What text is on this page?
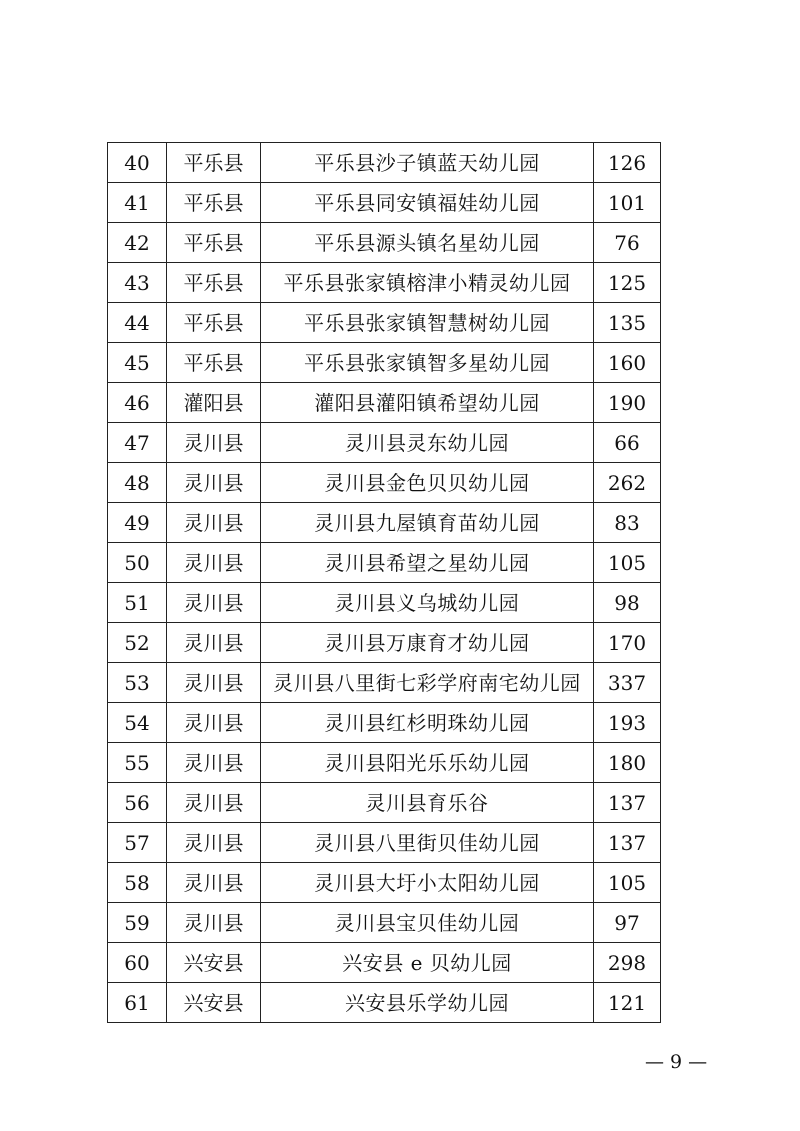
40	平乐县	平乐县沙子镇蓝天幼儿园	126
41	平乐县	平乐县同安镇福娃幼儿园	101
42	平乐县	平乐县源头镇名星幼儿园	76
43	平乐县	平乐县张家镇榕津小精灵幼儿园	125
44	平乐县	平乐县张家镇智慧树幼儿园	135
45	平乐县	平乐县张家镇智多星幼儿园	160
46	灌阳县	灌阳县灌阳镇希望幼儿园	190
47	灵川县	灵川县灵东幼儿园	66
48	灵川县	灵川县金色贝贝幼儿园	262
49	灵川县	灵川县九屋镇育苗幼儿园	83
50	灵川县	灵川县希望之星幼儿园	105
51	灵川县	灵川县义乌城幼儿园	98
52	灵川县	灵川县万康育才幼儿园	170
53	灵川县	灵川县八里街七彩学府南宅幼儿园	337
54	灵川县	灵川县红杉明珠幼儿园	193
55	灵川县	灵川县阳光乐乐幼儿园	180
56	灵川县	灵川县育乐谷	137
57	灵川县	灵川县八里街贝佳幼儿园	137
58	灵川县	灵川县大圩小太阳幼儿园	105
59	灵川县	灵川县宝贝佳幼儿园	97
60	兴安县	兴安县 e 贝幼儿园	298
61	兴安县	兴安县乐学幼儿园	121
— 9 —
